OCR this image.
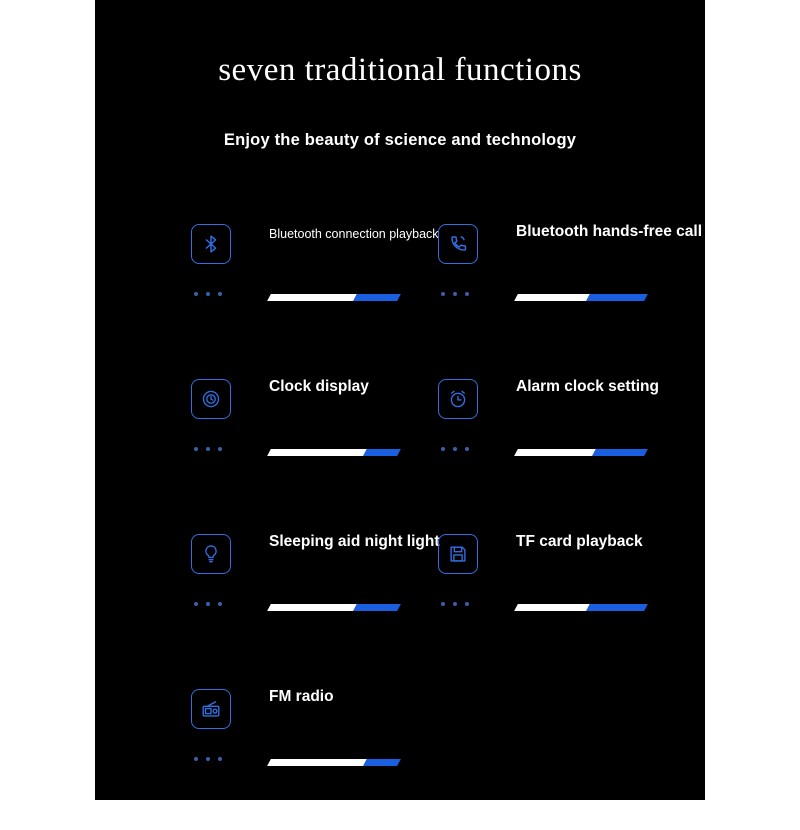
seven traditional functions
Enjoy the beauty of science and technology
Bluetooth connection playback	Bluetooth hands-free call
Clock display	Alarm clock setting
Sleeping aid night light	TF card playback
FM radio
